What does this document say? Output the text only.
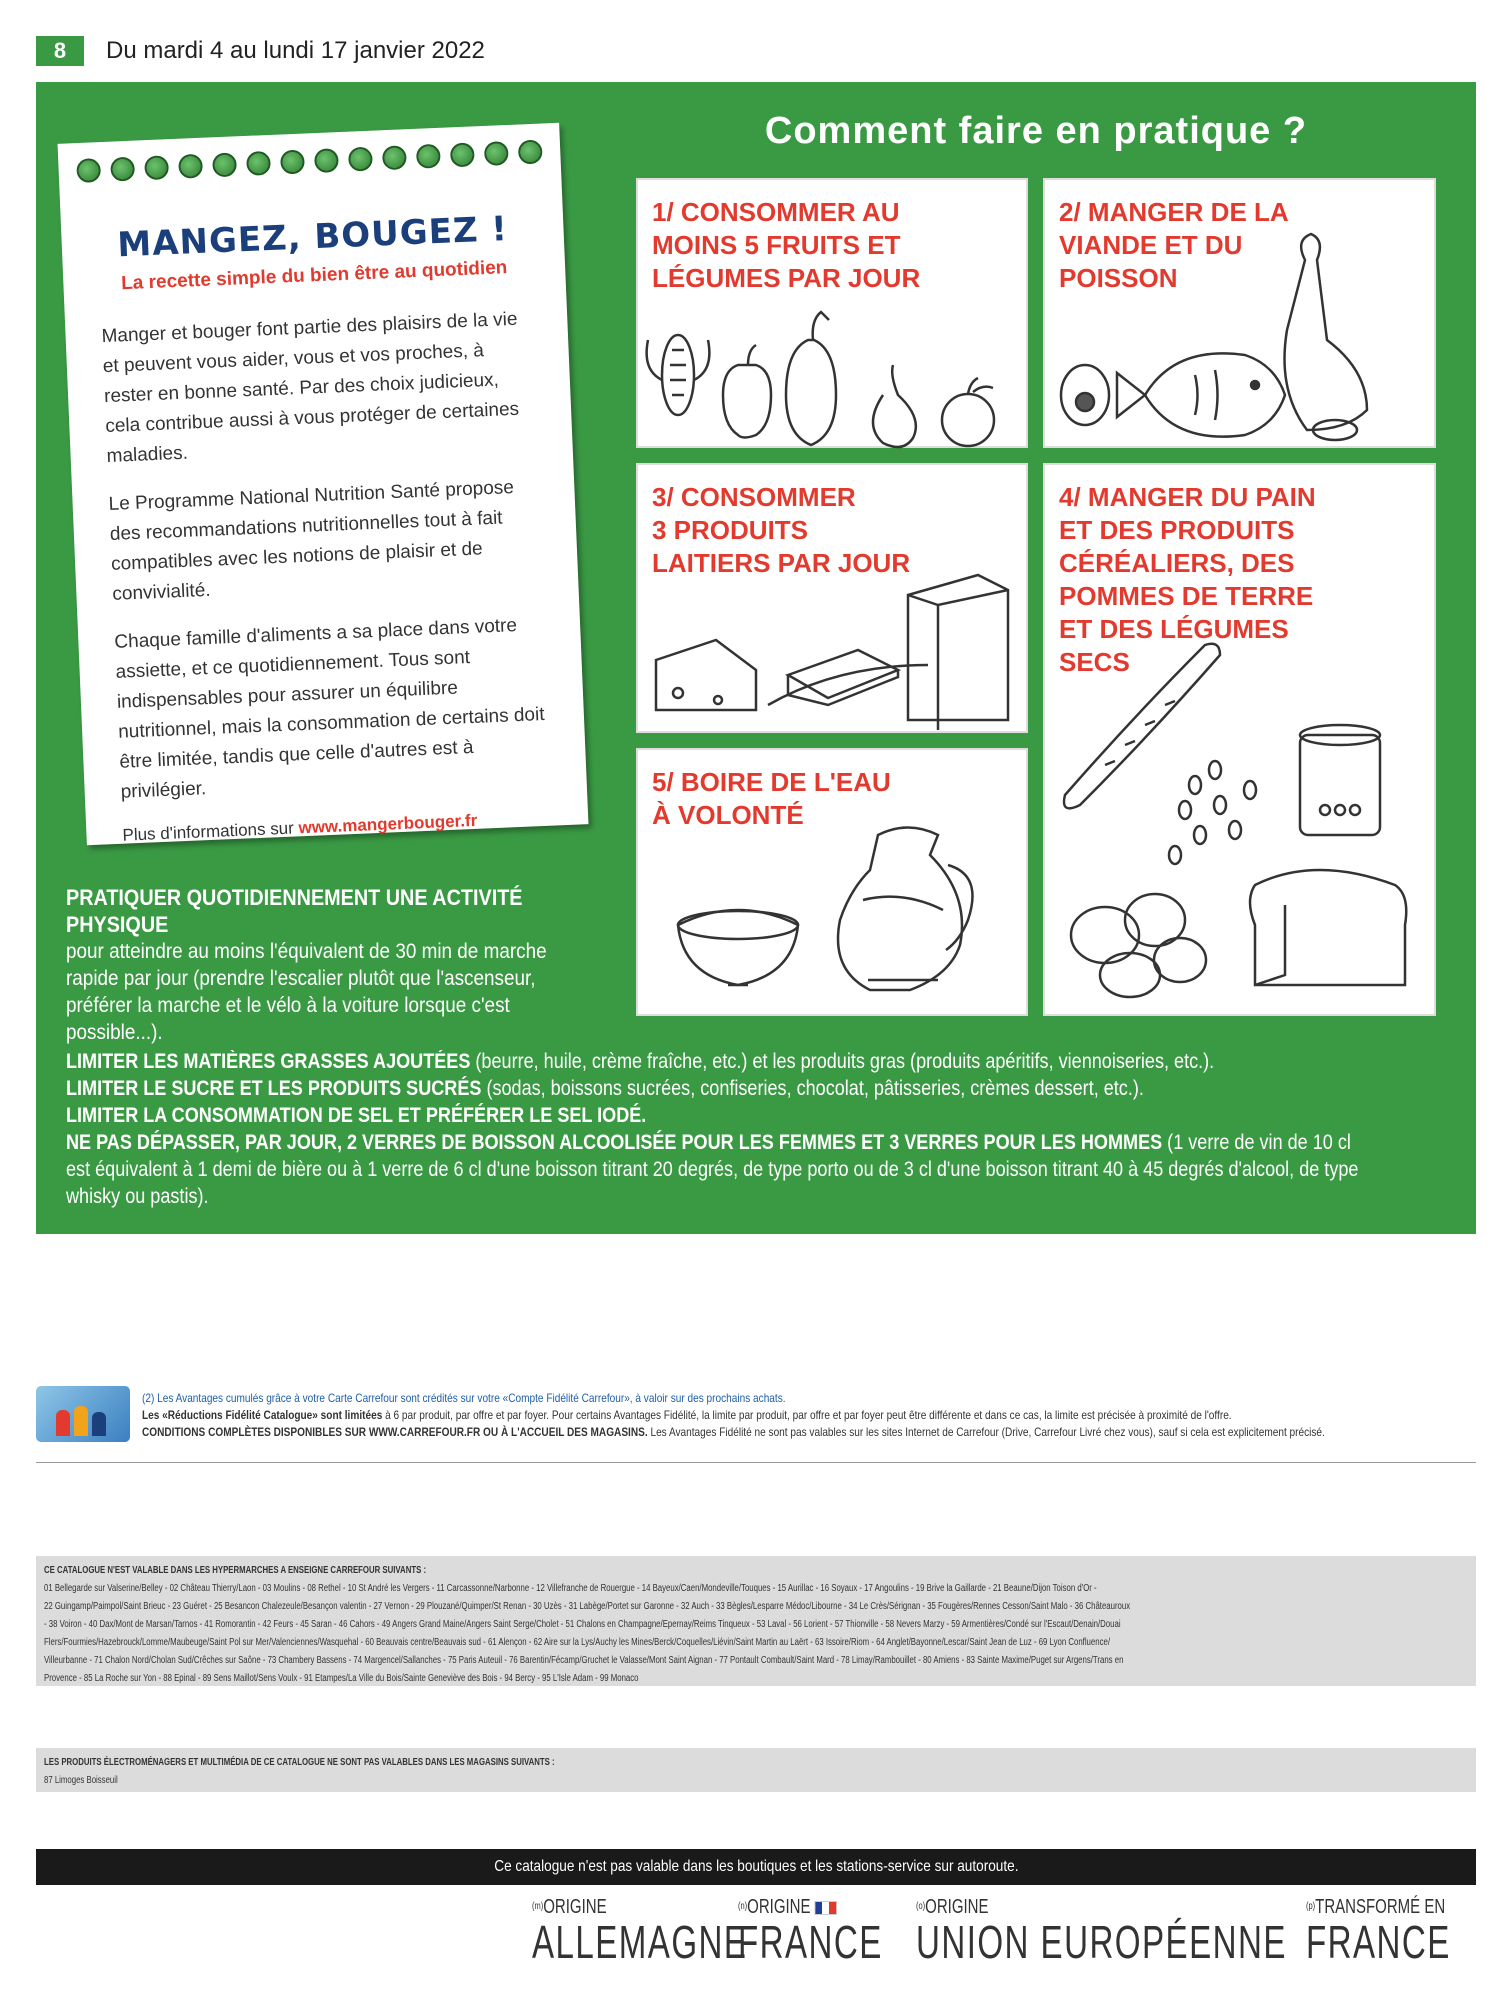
8	Du mardi 4 au lundi 17 janvier 2022
MANGEZ, BOUGEZ !
La recette simple du bien être au quotidien

Manger et bouger font partie des plaisirs de la vie et peuvent vous aider, vous et vos proches, à rester en bonne santé. Par des choix judicieux, cela contribue aussi à vous protéger de certaines maladies.

Le Programme National Nutrition Santé propose des recommandations nutritionnelles tout à fait compatibles avec les notions de plaisir et de convivialité.

Chaque famille d'aliments a sa place dans votre assiette, et ce quotidiennement. Tous sont indispensables pour assurer un équilibre nutritionnel, mais la consommation de certains doit être limitée, tandis que celle d'autres est à privilégier.

Plus d'informations sur www.mangerbouger.fr
Comment faire en pratique ?
1/ CONSOMMER AU
MOINS 5 FRUITS ET
LÉGUMES PAR JOUR
2/ MANGER DE LA
VIANDE ET DU
POISSON
3/ CONSOMMER
3 PRODUITS
LAITIERS PAR JOUR
4/ MANGER DU PAIN
ET DES PRODUITS
CÉRÉALIERS, DES
POMMES DE TERRE
ET DES LÉGUMES
SECS
5/ BOIRE DE L'EAU
À VOLONTÉ
PRATIQUER QUOTIDIENNEMENT UNE ACTIVITÉ PHYSIQUE
pour atteindre au moins l'équivalent de 30 min de marche rapide par jour (prendre l'escalier plutôt que l'ascenseur, préférer la marche et le vélo à la voiture lorsque c'est possible...).
LIMITER LES MATIÈRES GRASSES AJOUTÉES (beurre, huile, crème fraîche, etc.) et les produits gras (produits apéritifs, viennoiseries, etc.).
LIMITER LE SUCRE ET LES PRODUITS SUCRÉS (sodas, boissons sucrées, confiseries, chocolat, pâtisseries, crèmes dessert, etc.).
LIMITER LA CONSOMMATION DE SEL ET PRÉFÉRER LE SEL IODÉ.
NE PAS DÉPASSER, PAR JOUR, 2 VERRES DE BOISSON ALCOOLISÉE POUR LES FEMMES ET 3 VERRES POUR LES HOMMES (1 verre de vin de 10 cl est équivalent à 1 demi de bière ou à 1 verre de 6 cl d'une boisson titrant 20 degrés, de type porto ou de 3 cl d'une boisson titrant 40 à 45 degrés d'alcool, de type whisky ou pastis).
(2) Les Avantages cumulés grâce à votre Carte Carrefour sont crédités sur votre «Compte Fidélité Carrefour», à valoir sur des prochains achats.
Les «Réductions Fidélité Catalogue» sont limitées à 6 par produit, par offre et par foyer. Pour certains Avantages Fidélité, la limite par produit, par offre et par foyer peut être différente et dans ce cas, la limite est précisée à proximité de l'offre.
CONDITIONS COMPLÈTES DISPONIBLES SUR WWW.CARREFOUR.FR OU À L'ACCUEIL DES MAGASINS. Les Avantages Fidélité ne sont pas valables sur les sites Internet de Carrefour (Drive, Carrefour Livré chez vous), sauf si cela est explicitement précisé.
CE CATALOGUE N'EST VALABLE DANS LES HYPERMARCHES A ENSEIGNE CARREFOUR SUIVANTS :
01 Bellegarde sur Valserine/Belley - 02 Château Thierry/Laon - 03 Moulins - 08 Rethel - 10 St André les Vergers - 11 Carcassonne/Narbonne - 12 Villefranche de Rouergue - 14 Bayeux/Caen/Mondeville/Touques - 15 Aurillac - 16 Soyaux - 17 Angoulins - 19 Brive la Gaillarde - 21 Beaune/Dijon Toison d'Or -
22 Guingamp/Paimpol/Saint Brieuc - 23 Guéret - 25 Besancon Chalezeule/Besançon valentin - 27 Vernon - 29 Plouzané/Quimper/St Renan - 30 Uzès - 31 Labège/Portet sur Garonne - 32 Auch - 33 Bègles/Lesparre Médoc/Libourne - 34 Le Crès/Sérignan - 35 Fougères/Rennes Cesson/Saint Malo - 36 Châteauroux
- 38 Voiron - 40 Dax/Mont de Marsan/Tarnos - 41 Romorantin - 42 Feurs - 45 Saran - 46 Cahors - 49 Angers Grand Maine/Angers Saint Serge/Cholet - 51 Chalons en Champagne/Epernay/Reims Tinqueux - 53 Laval - 56 Lorient - 57 Thionville - 58 Nevers Marzy - 59 Armentières/Condé sur l'Escaut/Denain/Douai
Flers/Fourmies/Hazebrouck/Lomme/Maubeuge/Saint Pol sur Mer/Valenciennes/Wasquehal - 60 Beauvais centre/Beauvais sud - 61 Alençon - 62 Aire sur la Lys/Auchy les Mines/Berck/Coquelles/Liévin/Saint Martin au Laërt - 63 Issoire/Riom - 64 Anglet/Bayonne/Lescar/Saint Jean de Luz - 69 Lyon Confluence/
Villeurbanne - 71 Chalon Nord/Cholan Sud/Crêches sur Saône - 73 Chambery Bassens - 74 Margencel/Sallanches - 75 Paris Auteuil - 76 Barentin/Fécamp/Gruchet le Valasse/Mont Saint Aignan - 77 Pontault Combault/Saint Mard - 78 Limay/Rambouillet - 80 Amiens - 83 Sainte Maxime/Puget sur Argens/Trans en
Provence - 85 La Roche sur Yon - 88 Epinal - 89 Sens Maillot/Sens Voulx - 91 Etampes/La Ville du Bois/Sainte Geneviève des Bois - 94 Bercy - 95 L'Isle Adam - 99 Monaco
LES PRODUITS ÉLECTROMÉNAGERS ET MULTIMÉDIA DE CE CATALOGUE NE SONT PAS VALABLES DANS LES MAGASINS SUIVANTS :
87 Limoges Boisseuil
Ce catalogue n'est pas valable dans les boutiques et les stations-service sur autoroute.
$^{(m)}$ORIGINE
ALLEMAGNE
$^{(n)}$ORIGINE
FRANCE
$^{(o)}$ORIGINE
UNION EUROPÉENNE
$^{(p)}$TRANSFORMÉ EN
FRANCE
